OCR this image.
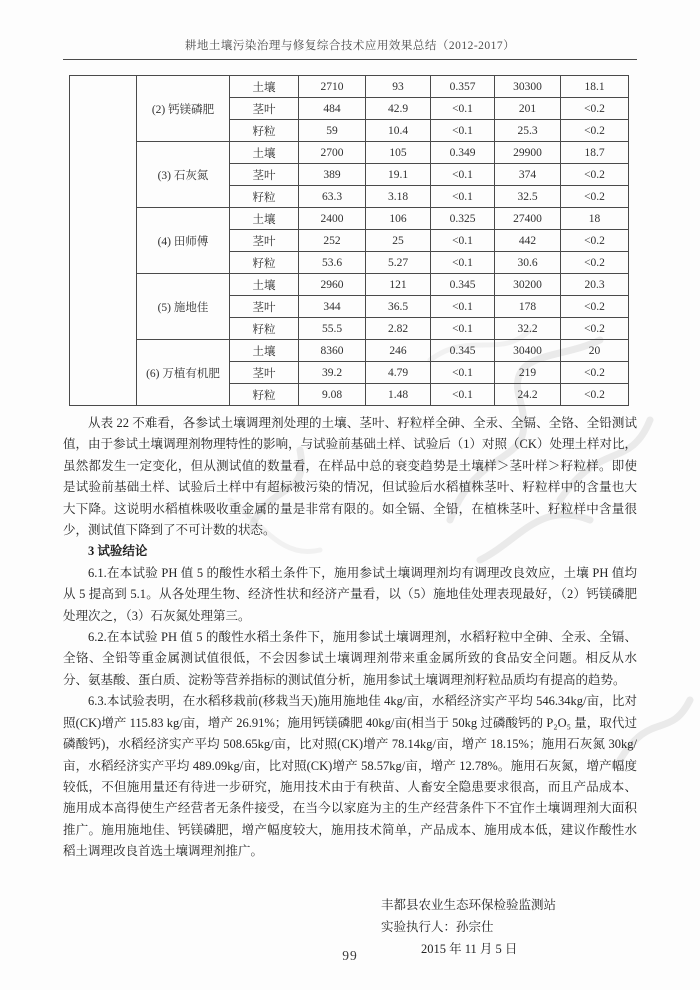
耕地土壤污染治理与修复综合技术应用效果总结（2012-2017）
	(2) 钙镁磷肥	土壤	2710	93	0.357	30300	18.1
		茎叶	484	42.9	<0.1	201	<0.2
		籽粒	59	10.4	<0.1	25.3	<0.2
	(3) 石灰氮	土壤	2700	105	0.349	29900	18.7
		茎叶	389	19.1	<0.1	374	<0.2
		籽粒	63.3	3.18	<0.1	32.5	<0.2
	(4) 田师傅	土壤	2400	106	0.325	27400	18
		茎叶	252	25	<0.1	442	<0.2
		籽粒	53.6	5.27	<0.1	30.6	<0.2
	(5) 施地佳	土壤	2960	121	0.345	30200	20.3
		茎叶	344	36.5	<0.1	178	<0.2
		籽粒	55.5	2.82	<0.1	32.2	<0.2
	(6) 万植有机肥	土壤	8360	246	0.345	30400	20
		茎叶	39.2	4.79	<0.1	219	<0.2
		籽粒	9.08	1.48	<0.1	24.2	<0.2

从表 22 不难看，各参试土壤调理剂处理的土壤、茎叶、籽粒样全砷、全汞、全镉、全铬、全铅测试值，由于参试土壤调理剂物理特性的影响，与试验前基础土样、试验后（1）对照（CK）处理土样对比，虽然都发生一定变化，但从测试值的数量看，在样品中总的衰变趋势是土壤样＞茎叶样＞籽粒样。即使是试验前基础土样、试验后土样中有超标被污染的情况，但试验后水稻植株茎叶、籽粒样中的含量也大大下降。这说明水稻植株吸收重金属的量是非常有限的。如全镉、全铅，在植株茎叶、籽粒样中含量很少，测试值下降到了不可计数的状态。

3 试验结论

6.1.在本试验 PH 值 5 的酸性水稻土条件下，施用参试土壤调理剂均有调理改良效应，土壤 PH 值均从 5 提高到 5.1。从各处理生物、经济性状和经济产量看，以（5）施地佳处理表现最好，（2）钙镁磷肥处理次之，（3）石灰氮处理第三。

6.2.在本试验 PH 值 5 的酸性水稻土条件下，施用参试土壤调理剂，水稻籽粒中全砷、全汞、全镉、全铬、全铅等重金属测试值很低，不会因参试土壤调理剂带来重金属所致的食品安全问题。相反从水分、氨基酸、蛋白质、淀粉等营养指标的测试值分析，施用参试土壤调理剂籽粒品质均有提高的趋势。

6.3.本试验表明，在水稻移栽前(移栽当天)施用施地佳 4kg/亩，水稻经济实产平均 546.34kg/亩，比对照(CK)增产 115.83 kg/亩，增产 26.91%；施用钙镁磷肥 40kg/亩(相当于 50kg 过磷酸钙的 P₂O₅ 量，取代过磷酸钙)，水稻经济实产平均 508.65kg/亩，比对照(CK)增产 78.14kg/亩，增产 18.15%；施用石灰氮 30kg/亩，水稻经济实产平均 489.09kg/亩，比对照(CK)增产 58.57kg/亩，增产 12.78%。施用石灰氮，增产幅度较低，不但施用量还有待进一步研究，施用技术由于有秧苗、人畜安全隐患要求很高，而且产品成本、施用成本高得使生产经营者无条件接受，在当今以家庭为主的生产经营条件下不宜作土壤调理剂大面积推广。施用施地佳、钙镁磷肥，增产幅度较大，施用技术简单，产品成本、施用成本低，建议作酸性水稻土调理改良首选土壤调理剂推广。

丰都县农业生态环保检验监测站
实验执行人：孙宗仕
2015 年 11 月 5 日
99
